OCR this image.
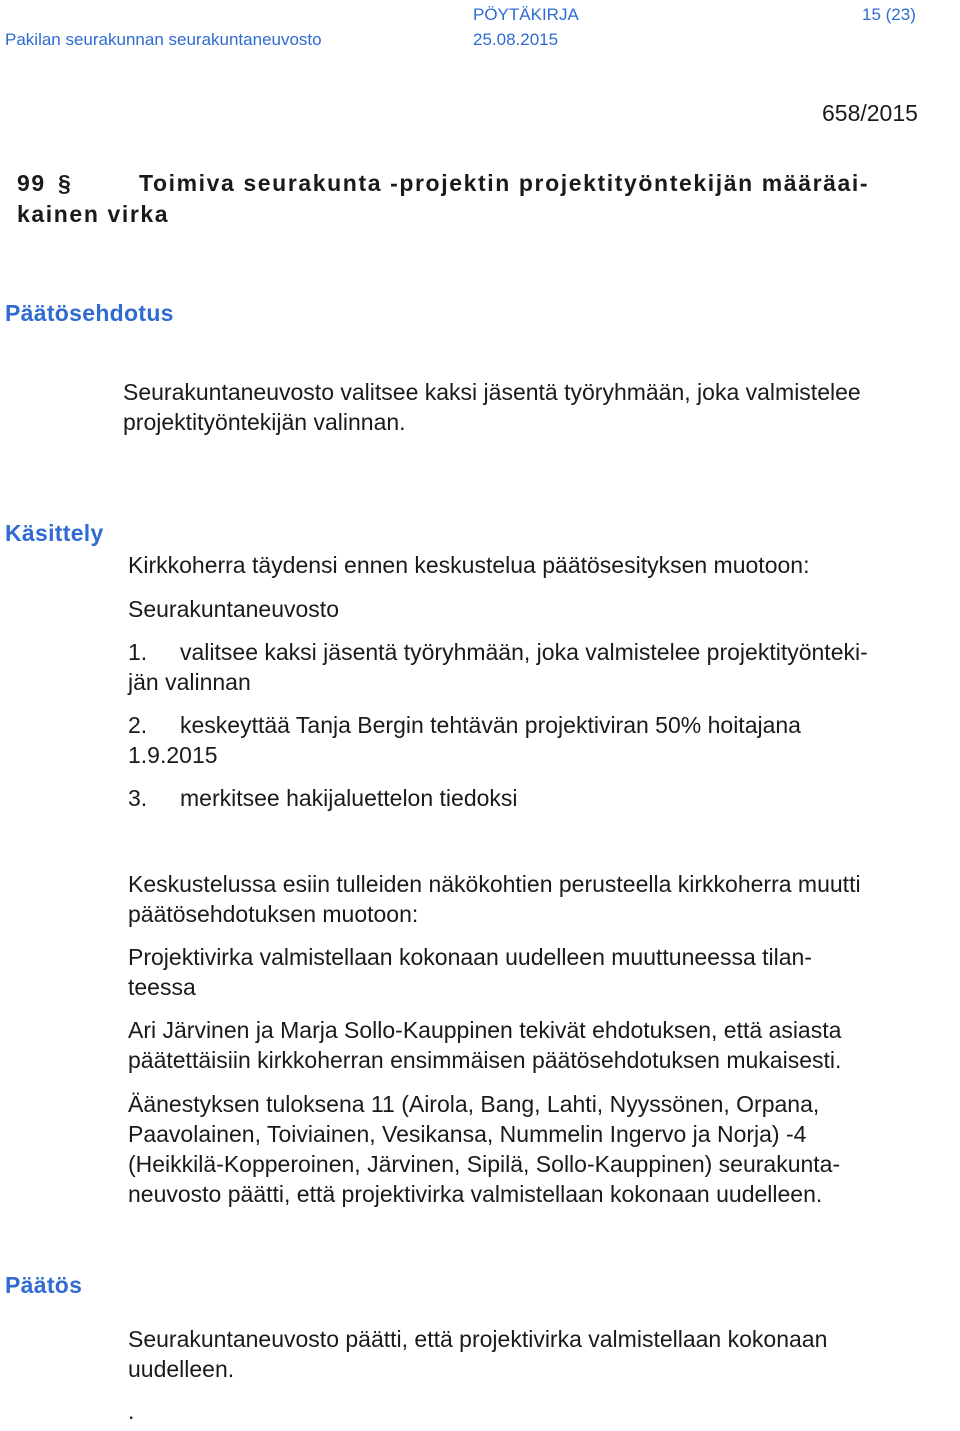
PÖYTÄKIRJA	15 (23)
Pakilan seurakunnan seurakuntaneuvosto	25.08.2015
658/2015
99 §	Toimiva seurakunta -projektin projektityöntekijän määräai-
kainen virka
Päätösehdotus
Seurakuntaneuvosto valitsee kaksi jäsentä työryhmään, joka valmistelee
projektityöntekijän valinnan.
Käsittely
Kirkkoherra täydensi ennen keskustelua päätösesityksen muotoon:
Seurakuntaneuvosto
1. valitsee kaksi jäsentä työryhmään, joka valmistelee projektityönteki-
jän valinnan
2. keskeyttää Tanja Bergin tehtävän projektiviran 50% hoitajana
1.9.2015
3. merkitsee hakijaluettelon tiedoksi
Keskustelussa esiin tulleiden näkökohtien perusteella kirkkoherra muutti
päätösehdotuksen muotoon:
Projektivirka valmistellaan kokonaan uudelleen muuttuneessa tilan-
teessa
Ari Järvinen ja Marja Sollo-Kauppinen tekivät ehdotuksen, että asiasta
päätettäisiin kirkkoherran ensimmäisen päätösehdotuksen mukaisesti.
Äänestyksen tuloksena 11 (Airola, Bang, Lahti, Nyyssönen, Orpana,
Paavolainen, Toiviainen, Vesikansa, Nummelin Ingervo ja Norja) -4
(Heikkilä-Kopperoinen, Järvinen, Sipilä, Sollo-Kauppinen) seurakunta-
neuvosto päätti, että projektivirka valmistellaan kokonaan uudelleen.
Päätös
Seurakuntaneuvosto päätti, että projektivirka valmistellaan kokonaan
uudelleen.
.
